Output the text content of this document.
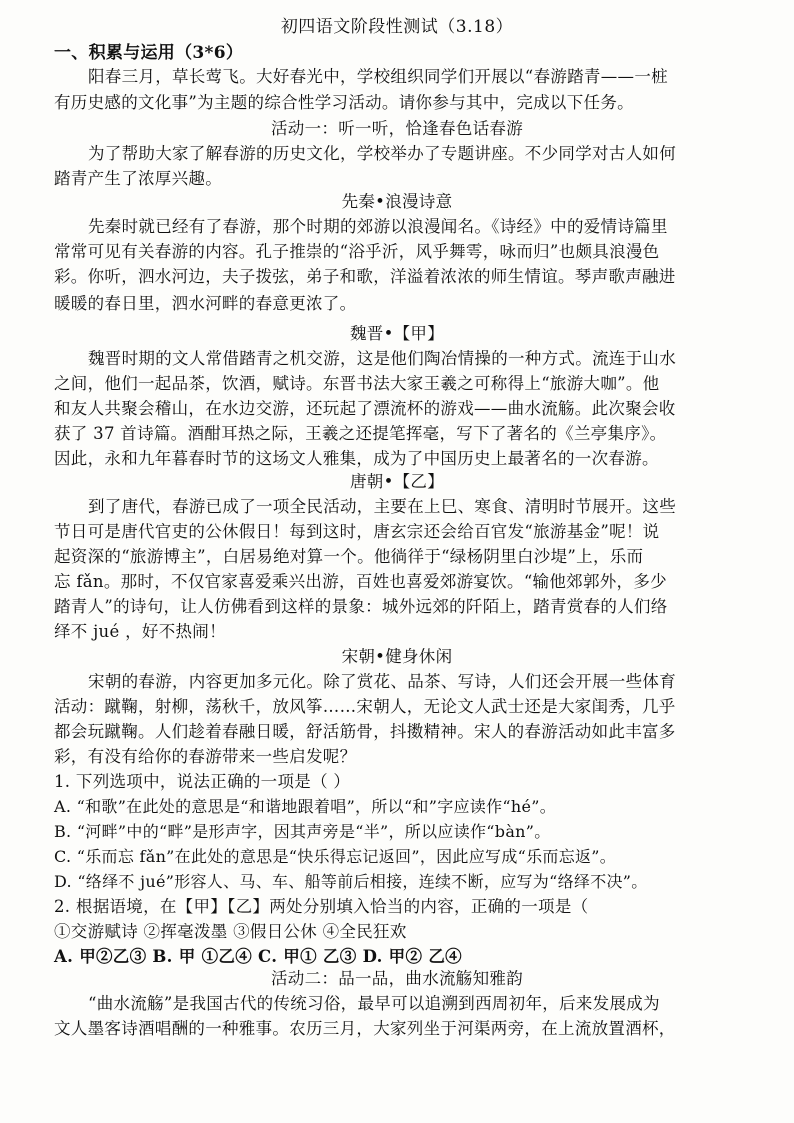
初四语文阶段性测试（3.18）
一、积累与运用（3*6）
阳春三月，草长莺飞。大好春光中，学校组织同学们开展以“春游踏青——一桩
有历史感的文化事”为主题的综合性学习活动。请你参与其中，完成以下任务。
活动一：听一听，恰逢春色话春游
为了帮助大家了解春游的历史文化，学校举办了专题讲座。不少同学对古人如何
踏青产生了浓厚兴趣。
先秦•浪漫诗意
先秦时就已经有了春游，那个时期的郊游以浪漫闻名。《诗经》中的爱情诗篇里
常常可见有关春游的内容。孔子推崇的“浴乎沂，风乎舞雩，咏而归”也颇具浪漫色
彩。你听，泗水河边，夫子拨弦，弟子和歌，洋溢着浓浓的师生情谊。琴声歌声融进
暖暖的春日里，泗水河畔的春意更浓了。
魏晋•【甲】
魏晋时期的文人常借踏青之机交游，这是他们陶冶情操的一种方式。流连于山水
之间，他们一起品茶，饮酒，赋诗。东晋书法大家王羲之可称得上“旅游大咖”。他
和友人共聚会稽山，在水边交游，还玩起了漂流杯的游戏——曲水流觞。此次聚会收
获了 37 首诗篇。酒酣耳热之际，王羲之还提笔挥毫，写下了著名的《兰亭集序》。
因此，永和九年暮春时节的这场文人雅集，成为了中国历史上最著名的一次春游。
唐朝•【乙】
到了唐代，春游已成了一项全民活动，主要在上巳、寒食、清明时节展开。这些
节日可是唐代官吏的公休假日！每到这时，唐玄宗还会给百官发“旅游基金”呢！说
起资深的“旅游博主”，白居易绝对算一个。他徜徉于“绿杨阴里白沙堤”上，乐而
忘 fǎn。那时，不仅官家喜爱乘兴出游，百姓也喜爱郊游宴饮。“输他郊郭外，多少
踏青人”的诗句，让人仿佛看到这样的景象：城外远郊的阡陌上，踏青赏春的人们络
绎不 jué ，好不热闹！
宋朝•健身休闲
宋朝的春游，内容更加多元化。除了赏花、品茶、写诗，人们还会开展一些体育
活动：蹴鞠，射柳，荡秋千，放风筝……宋朝人，无论文人武士还是大家闺秀，几乎
都会玩蹴鞠。人们趁着春融日暖，舒活筋骨，抖擞精神。宋人的春游活动如此丰富多
彩，有没有给你的春游带来一些启发呢？
1. 下列选项中，说法正确的一项是（ ）
A. “和歌”在此处的意思是“和谐地跟着唱”，所以“和”字应读作“hé”。
B. “河畔”中的“畔”是形声字，因其声旁是“半”，所以应读作“bàn”。
C. “乐而忘 fǎn”在此处的意思是“快乐得忘记返回”，因此应写成“乐而忘返”。
D. “络绎不 jué”形容人、马、车、船等前后相接，连续不断，应写为“络绎不决”。
2. 根据语境，在【甲】【乙】两处分别填入恰当的内容，正确的一项是（
①交游赋诗 ②挥毫泼墨 ③假日公休 ④全民狂欢
A. 甲②乙③ B. 甲 ①乙④ C. 甲① 乙③ D. 甲② 乙④
活动二：品一品，曲水流觞知雅韵
“曲水流觞”是我国古代的传统习俗，最早可以追溯到西周初年，后来发展成为
文人墨客诗酒唱酬的一种雅事。农历三月，大家列坐于河渠两旁，在上流放置酒杯，
